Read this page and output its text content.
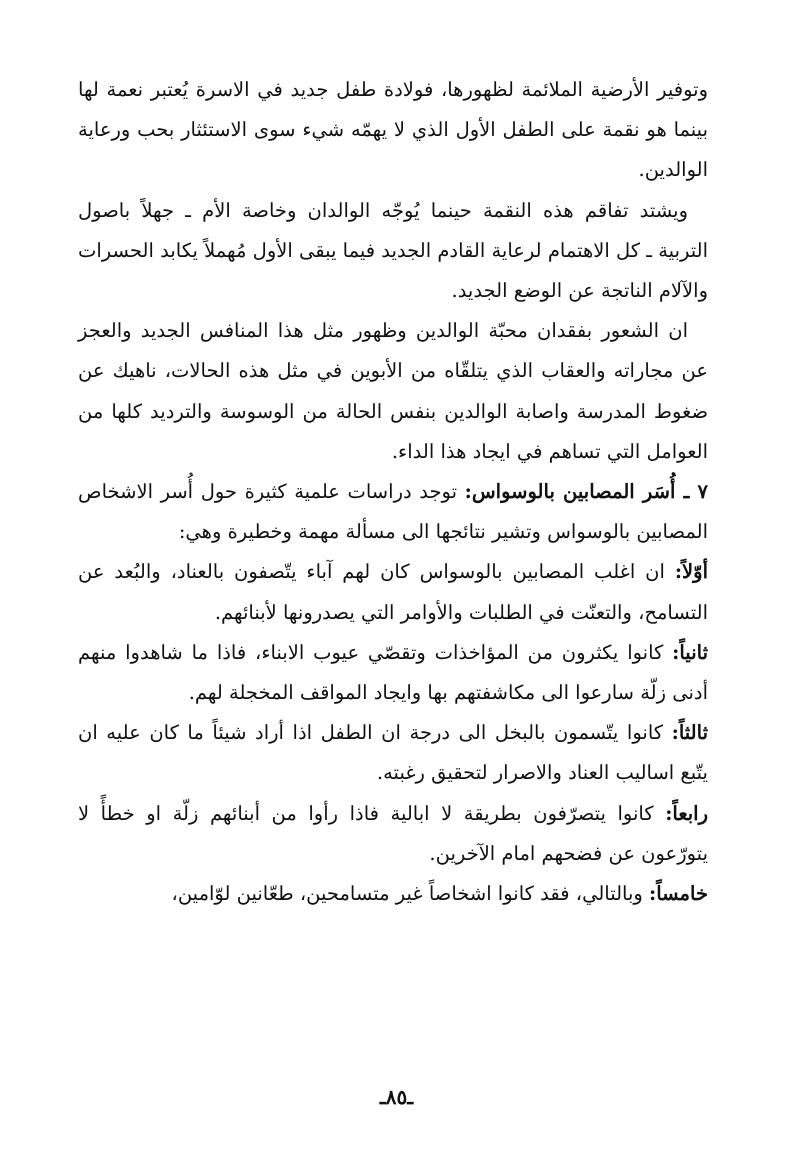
وتوفير الأرضية الملائمة لظهورها، فولادة طفل جديد في الاسرة يُعتبر نعمة لها بينما هو نقمة على الطفل الأول الذي لا يهمّه شيء سوى الاستئثار بحب ورعاية الوالدين.

ويشتد تفاقم هذه النقمة حينما يُوجّه الوالدان وخاصة الأم ـ جهلاً باصول التربية ـ كل الاهتمام لرعاية القادم الجديد فيما يبقى الأول مُهملاً يكابد الحسرات والآلام الناتجة عن الوضع الجديد.

ان الشعور بفقدان محبّة الوالدين وظهور مثل هذا المنافس الجديد والعجز عن مجاراته والعقاب الذي يتلقّاه من الأبوين في مثل هذه الحالات، ناهيك عن ضغوط المدرسة واصابة الوالدين بنفس الحالة من الوسوسة والترديد كلها من العوامل التي تساهم في ايجاد هذا الداء.

٧ ـ أُسَر المصابين بالوسواس: توجد دراسات علمية كثيرة حول أُسر الاشخاص المصابين بالوسواس وتشير نتائجها الى مسألة مهمة وخطيرة وهي:

أوّلاً: ان اغلب المصابين بالوسواس كان لهم آباء يتّصفون بالعناد، والبُعد عن التسامح، والتعنّت في الطلبات والأوامر التي يصدرونها لأبنائهم.

ثانياً: كانوا يكثرون من المؤاخذات وتقصّي عيوب الابناء، فاذا ما شاهدوا منهم أدنى زلّة سارعوا الى مكاشفتهم بها وايجاد المواقف المخجلة لهم.

ثالثاً: كانوا يتّسمون بالبخل الى درجة ان الطفل اذا أراد شيئاً ما كان عليه ان يتّبع اساليب العناد والاصرار لتحقيق رغبته.

رابعاً: كانوا يتصرّفون بطريقة لا ابالية فاذا رأوا من أبنائهم زلّة او خطأً لا يتورّعون عن فضحهم امام الآخرين.

خامساً: وبالتالي، فقد كانوا اشخاصاً غير متسامحين، طعّانين لوّامين،

ـ٨٥ـ
